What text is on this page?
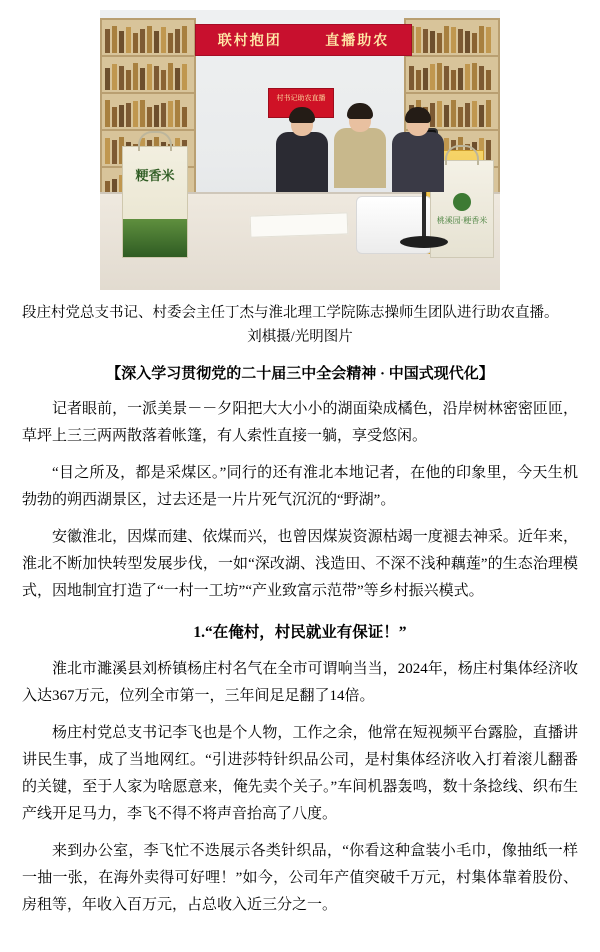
联村抱团	直播助农
村书记助农直播
粳香米
桃溪园·粳香米
段庄村党总支书记、村委会主任丁杰与淮北理工学院陈志操师生团队进行助农直播。
刘棋摄/光明图片
【深入学习贯彻党的二十届三中全会精神 · 中国式现代化】

记者眼前，一派美景－－夕阳把大大小小的湖面染成橘色，沿岸树林密密匝匝，草坪上三三两两散落着帐篷，有人索性直接一躺，享受悠闲。

“目之所及，都是采煤区。”同行的还有淮北本地记者，在他的印象里，今天生机勃勃的朔西湖景区，过去还是一片片死气沉沉的“野湖”。

安徽淮北，因煤而建、依煤而兴，也曾因煤炭资源枯竭一度褪去神采。近年来，淮北不断加快转型发展步伐，一如“深改湖、浅造田、不深不浅种藕莲”的生态治理模式，因地制宜打造了“一村一工坊”“产业致富示范带”等乡村振兴模式。

1.“在俺村，村民就业有保证！”

淮北市濉溪县刘桥镇杨庄村名气在全市可谓响当当，2024年，杨庄村集体经济收入达367万元，位列全市第一，三年间足足翻了14倍。

杨庄村党总支书记李飞也是个人物，工作之余，他常在短视频平台露脸，直播讲讲民生事，成了当地网红。“引进莎特针织品公司，是村集体经济收入打着滚儿翻番的关键，至于人家为啥愿意来，俺先卖个关子。”车间机器轰鸣，数十条捻线、织布生产线开足马力，李飞不得不将声音抬高了八度。

来到办公室，李飞忙不迭展示各类针织品，“你看这种盒装小毛巾，像抽纸一样一抽一张，在海外卖得可好哩！”如今，公司年产值突破千万元，村集体靠着股份、房租等，年收入百万元，占总收入近三分之一。
